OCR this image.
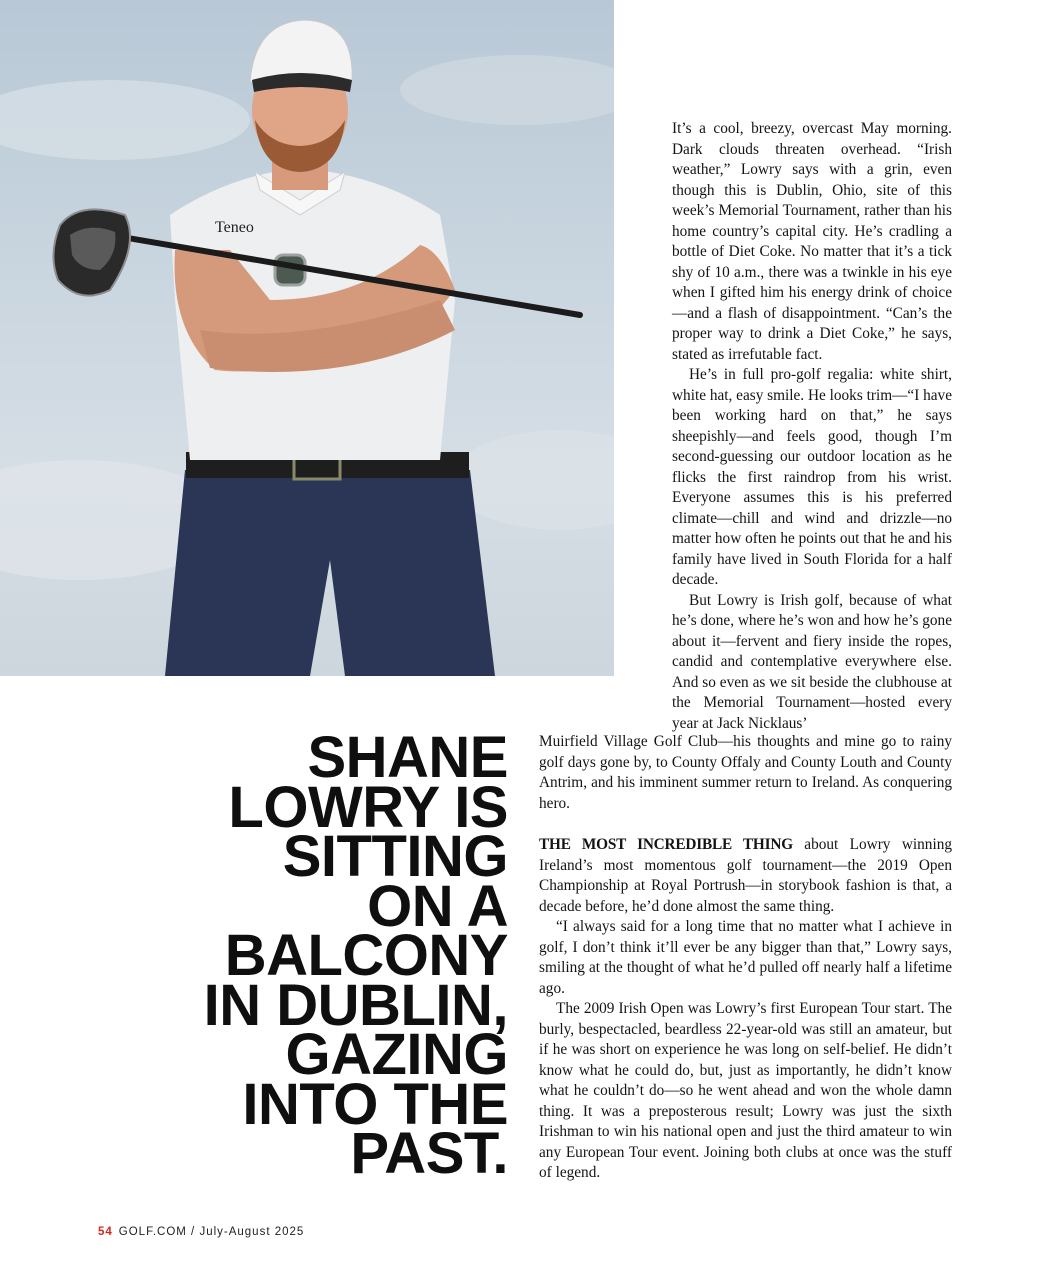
Teneo

It’s a cool, breezy, overcast May morning. Dark clouds threaten overhead. “Irish weather,” Lowry says with a grin, even though this is Dublin, Ohio, site of this week’s Memorial Tournament, rather than his home country’s capital city. He’s cradling a bottle of Diet Coke. No matter that it’s a tick shy of 10 a.m., there was a twinkle in his eye when I gifted him his energy drink of choice—and a flash of disappointment. “Can’s the proper way to drink a Diet Coke,” he says, stated as irrefutable fact.

He’s in full pro-golf regalia: white shirt, white hat, easy smile. He looks trim—“I have been working hard on that,” he says sheepishly—and feels good, though I’m second-guessing our outdoor location as he flicks the first raindrop from his wrist. Everyone assumes this is his preferred climate—chill and wind and drizzle—no matter how often he points out that he and his family have lived in South Florida for a half decade.

But Lowry is Irish golf, because of what he’s done, where he’s won and how he’s gone about it—fervent and fiery inside the ropes, candid and contemplative everywhere else. And so even as we sit beside the clubhouse at the Memorial Tournament—hosted every year at Jack Nicklaus’

Muirfield Village Golf Club—his thoughts and mine go to rainy golf days gone by, to County Offaly and County Louth and County Antrim, and his imminent summer return to Ireland. As conquering hero.

THE MOST INCREDIBLE THING about Lowry winning Ireland’s most momentous golf tournament—the 2019 Open Championship at Royal Portrush—in storybook fashion is that, a decade before, he’d done almost the same thing.

“I always said for a long time that no matter what I achieve in golf, I don’t think it’ll ever be any bigger than that,” Lowry says, smiling at the thought of what he’d pulled off nearly half a lifetime ago.

The 2009 Irish Open was Lowry’s first European Tour start. The burly, bespectacled, beardless 22-year-old was still an amateur, but if he was short on experience he was long on self-belief. He didn’t know what he could do, but, just as importantly, he didn’t know what he couldn’t do—so he went ahead and won the whole damn thing. It was a preposterous result; Lowry was just the sixth Irishman to win his national open and just the third amateur to win any European Tour event. Joining both clubs at once was the stuff of legend.

SHANE
LOWRY IS
SITTING
ON A
BALCONY
IN DUBLIN,
GAZING
INTO THE
PAST.
54 GOLF.COM / July-August 2025
